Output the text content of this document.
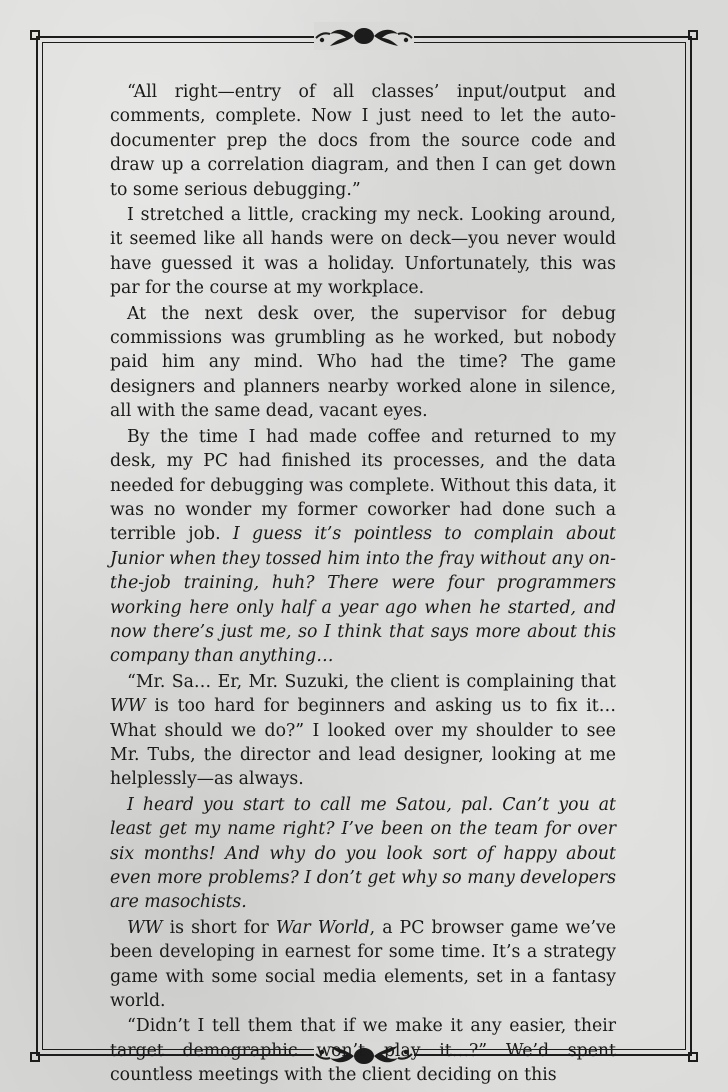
“All right—entry of all classes’ input/output and comments, complete. Now I just need to let the auto-documenter prep the docs from the source code and draw up a correlation diagram, and then I can get down to some serious debugging.”

I stretched a little, cracking my neck. Looking around, it seemed like all hands were on deck—you never would have guessed it was a holiday. Unfortunately, this was par for the course at my workplace.

At the next desk over, the supervisor for debug commissions was grumbling as he worked, but nobody paid him any mind. Who had the time? The game designers and planners nearby worked alone in silence, all with the same dead, vacant eyes.

By the time I had made coffee and returned to my desk, my PC had finished its processes, and the data needed for debugging was complete. Without this data, it was no wonder my former coworker had done such a terrible job. I guess it’s pointless to complain about Junior when they tossed him into the fray without any on-the-job training, huh? There were four programmers working here only half a year ago when he started, and now there’s just me, so I think that says more about this company than anything…

“Mr. Sa… Er, Mr. Suzuki, the client is complaining that WW is too hard for beginners and asking us to fix it… What should we do?” I looked over my shoulder to see Mr. Tubs, the director and lead designer, looking at me helplessly—as always.

I heard you start to call me Satou, pal. Can’t you at least get my name right? I’ve been on the team for over six months! And why do you look sort of happy about even more problems? I don’t get why so many developers are masochists.

WW is short for War World, a PC browser game we’ve been developing in earnest for some time. It’s a strategy game with some social media elements, set in a fantasy world.

“Didn’t I tell them that if we make it any easier, their target demographic won’t play it…?” We’d spent countless meetings with the client deciding on this
